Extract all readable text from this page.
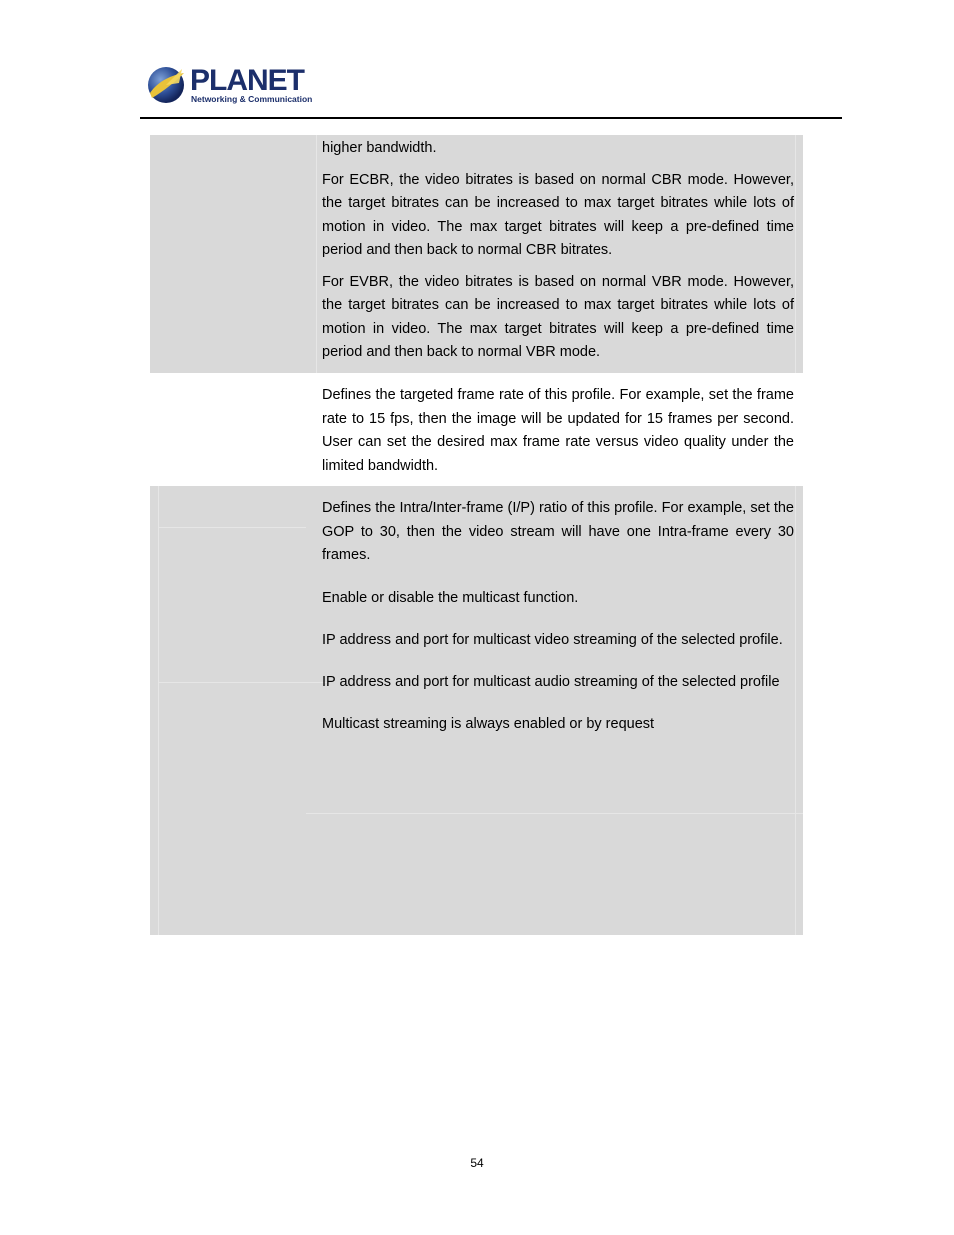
PLANET
Networking & Communication

higher bandwidth.

For ECBR, the video bitrates is based on normal CBR mode. However, the target bitrates can be increased to max target bitrates while lots of motion in video. The max target bitrates will keep a pre-defined time period and then back to normal CBR bitrates.

For EVBR, the video bitrates is based on normal VBR mode. However, the target bitrates can be increased to max target bitrates while lots of motion in video. The max target bitrates will keep a pre-defined time period and then back to normal VBR mode.

Defines the targeted frame rate of this profile. For example, set the frame rate to 15 fps, then the image will be updated for 15 frames per second. User can set the desired max frame rate versus video quality under the limited bandwidth.

Defines the Intra/Inter-frame (I/P) ratio of this profile. For example, set the GOP to 30, then the video stream will have one Intra-frame every 30 frames.

Enable or disable the multicast function.

IP address and port for multicast video streaming of the selected profile.

IP address and port for multicast audio streaming of the selected profile

Multicast streaming is always enabled or by request

54
